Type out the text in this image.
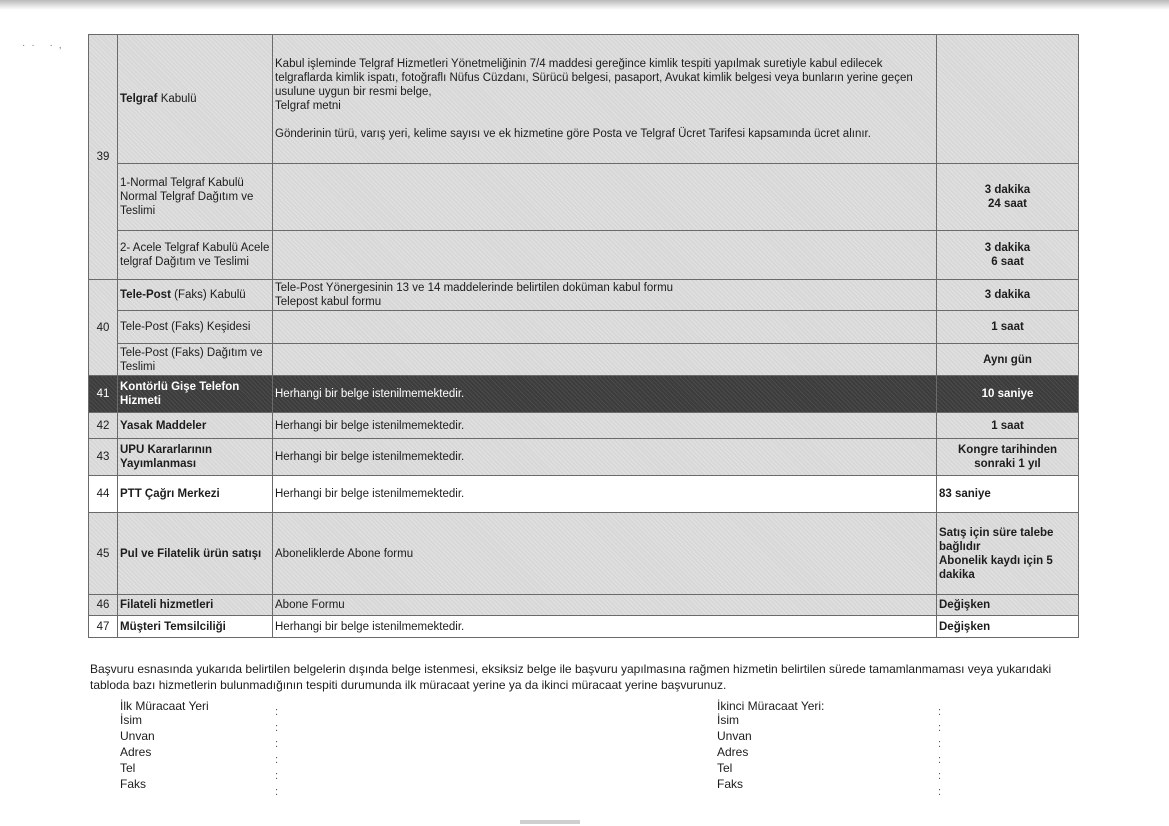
·· ·,
39	Telgraf Kabulü	Kabul işleminde Telgraf Hizmetleri Yönetmeliğinin 7/4 maddesi gereğince kimlik tespiti yapılmak suretiyle kabul edilecek telgraflarda kimlik ispatı, fotoğraflı Nüfus Cüzdanı, Sürücü belgesi, pasaport, Avukat kimlik belgesi veya bunların yerine geçen usulune uygun bir resmi belge,

Telgraf metni

Gönderinin türü, varış yeri, kelime sayısı ve ek hizmetine göre Posta ve Telgraf Ücret Tarifesi kapsamında ücret alınır.	

	1-Normal Telgraf Kabulü Normal Telgraf Dağıtım ve Teslimi		3 dakika
24 saat

	2- Acele Telgraf Kabulü Acele telgraf Dağıtım ve Teslimi		3 dakika
6 saat

40	Tele-Post (Faks) Kabulü	Tele-Post Yönergesinin 13 ve 14 maddelerinde belirtilen doküman kabul formu

Telepost kabul formu	3 dakika
	Tele-Post (Faks) Keşidesi		1 saat
	Tele-Post (Faks) Dağıtım ve Teslimi		Aynı gün
41	Kontörlü Gişe Telefon Hizmeti	Herhangi bir belge istenilmemektedir.	10 saniye
42	Yasak Maddeler	Herhangi bir belge istenilmemektedir.	1 saat
43	UPU Kararlarının Yayımlanması	Herhangi bir belge istenilmemektedir.	Kongre tarihinden
sonraki 1 yıl

44	PTT Çağrı Merkezi	Herhangi bir belge istenilmemektedir.	83 saniye
45	Pul ve Filatelik ürün satışı	Aboneliklerde Abone formu	Satış için süre talebe bağlıdır
Abonelik kaydı için 5 dakika

46	Filateli hizmetleri	Abone Formu	Değişken
47	Müşteri Temsilciliği	Herhangi bir belge istenilmemektedir.	Değişken
Başvuru esnasında yukarıda belirtilen belgelerin dışında belge istenmesi, eksiksiz belge ile başvuru yapılmasına rağmen hizmetin belirtilen sürede tamamlanmaması veya yukarıdaki tabloda bazı hizmetlerin bulunmadığının tespiti durumunda ilk müracaat yerine ya da ikinci müracaat yerine başvurunuz.
İlk Müracaat Yeri
İsim
Unvan
Adres
Tel
Faks
:
:
:
:
:
:
İkinci Müracaat Yeri:
İsim
Unvan
Adres
Tel
Faks
:
:
:
:
:
:
